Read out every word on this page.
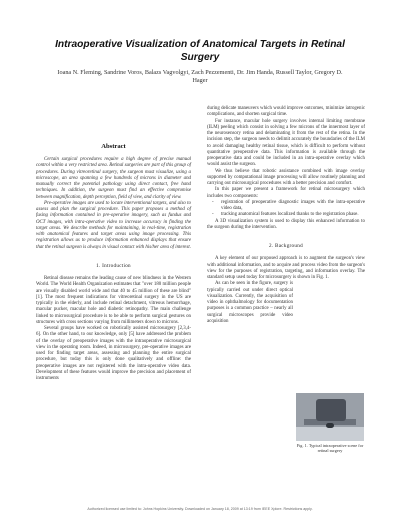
Intraoperative Visualization of Anatomical Targets in Retinal Surgery
Ioana N. Fleming, Sandrine Voros, Balazs Vagvolgyi, Zach Pezzementi, Dr. Jim Handa, Russell Taylor, Gregory D. Hager
Abstract

Certain surgical procedures require a high degree of precise manual control within a very restricted area. Retinal surgeries are part of this group of procedures. During vitreoretinal surgery, the surgeon must visualize, using a microscope, an area spanning a few hundreds of microns in diameter and manually correct the potential pathology using direct contact, free hand techniques. In addition, the surgeon must find an effective compromise between magnification, depth perception, field of view, and clarity of view.

Pre-operative images are used to locate interventional targets, and also to assess and plan the surgical procedure. This paper proposes a method of fusing information contained in pre-operative imagery, such as fundus and OCT images, with intra-operative video to increase accuracy in finding the target areas. We describe methods for maintaining, in real-time, registration with anatomical features and target areas using image processing. This registration allows us to produce information enhanced displays that ensure that the retinal surgeon is always in visual contact with his/her area of interest.

1. Introduction

Retinal disease remains the leading cause of new blindness in the Western World. The World Health Organization estimates that "over 180 million people are visually disabled world wide and that 40 to 45 million of these are blind" [1]. The most frequent indications for vitreoretinal surgery in the US are typically in the elderly, and include retinal detachment, vitreous hemorrhage, macular pucker, macular hole and diabetic retinopathy. The main challenge linked to microsurgical procedure is to be able to perform surgical gestures on structures with cross sections varying from millimeters down to microns.

Several groups have worked on robotically assisted microsurgery [2,3,4-6]. On the other hand, to our knowledge, only [5] have addressed the problem of the overlay of preoperative images with the intraoperative microsurgical view in the operating room. Indeed, in microsurgery, pre-operative images are used for finding target areas, assessing and planning the entire surgical procedure, but today this is only done qualitatively and offline: the preoperative images are not registered with the intra-operative video data. Development of these features would improve the precision and placement of instruments

during delicate maneuvers which would improve outcomes, minimize iatrogenic complications, and shorten surgical time.

For instance, macular hole surgery involves internal limiting membrane (ILM) peeling which consist in solving a few microns of the innermost layer of the neurosensory retina and delaminating it from the rest of the retina. In the incision step, the surgeon needs to delimit accurately the boundaries of the ILM to avoid damaging healthy retinal tissue, which is difficult to perform without quantitative preoperative data. This information is available through the preoperative data and could be included in an intra-operative overlay which would assist the surgeon.

We thus believe that robotic assistance combined with image overlay supported by computational image processing will allow routinely planning and carrying out microsurgical procedures with a better precision and comfort.

In this paper we present a framework for retinal microsurgery which includes two components:

- registration of preoperative diagnostic images with the intra-operative video data,
- tracking anatomical features localized thanks to the registration phase.

A 3D visualization system is used to display this enhanced information to the surgeon during the intervention.

2. Background

A key element of our proposed approach is to augment the surgeon's view with additional information, and to acquire and process video from the surgeon's view for the purposes of registration, targeting, and information overlay. The standard setup used today for microsurgery is shown in Fig. 1.

As can be seen in the figure, surgery is typically carried out under direct optical visualization. Currently, the acquisition of video in ophthalmology for documentation purposes is a common practice – nearly all surgical microscopes provide video acquisition

Fig. 1. Typical intraoperative scene for retinal surgery
Authorized licensed use limited to: Johns Hopkins University. Downloaded on January 18, 2009 at 13:19 from IEEE Xplore. Restrictions apply.
